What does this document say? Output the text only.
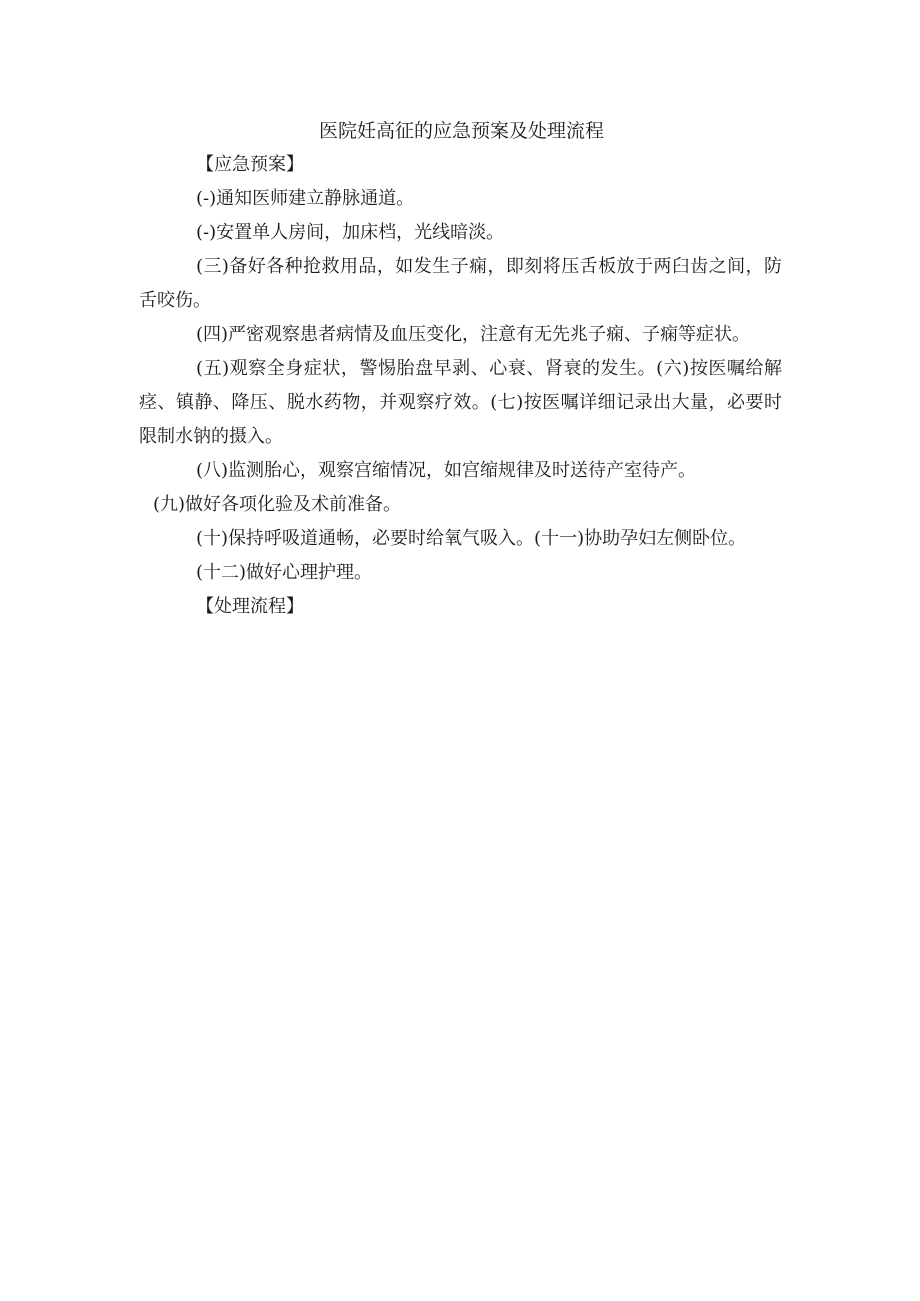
医院妊高征的应急预案及处理流程

【应急预案】

(-)通知医师建立静脉通道。

(-)安置单人房间，加床档，光线暗淡。

(三)备好各种抢救用品，如发生子痫，即刻将压舌板放于两臼齿之间，防舌咬伤。

(四)严密观察患者病情及血压变化，注意有无先兆子痫、子痫等症状。

(五)观察全身症状，警惕胎盘早剥、心衰、肾衰的发生。(六)按医嘱给解痉、镇静、降压、脱水药物，并观察疗效。(七)按医嘱详细记录出大量，必要时限制水钠的摄入。

(八)监测胎心，观察宫缩情况，如宫缩规律及时送待产室待产。

(九)做好各项化验及术前准备。

(十)保持呼吸道通畅，必要时给氧气吸入。(十一)协助孕妇左侧卧位。

(十二)做好心理护理。

【处理流程】
